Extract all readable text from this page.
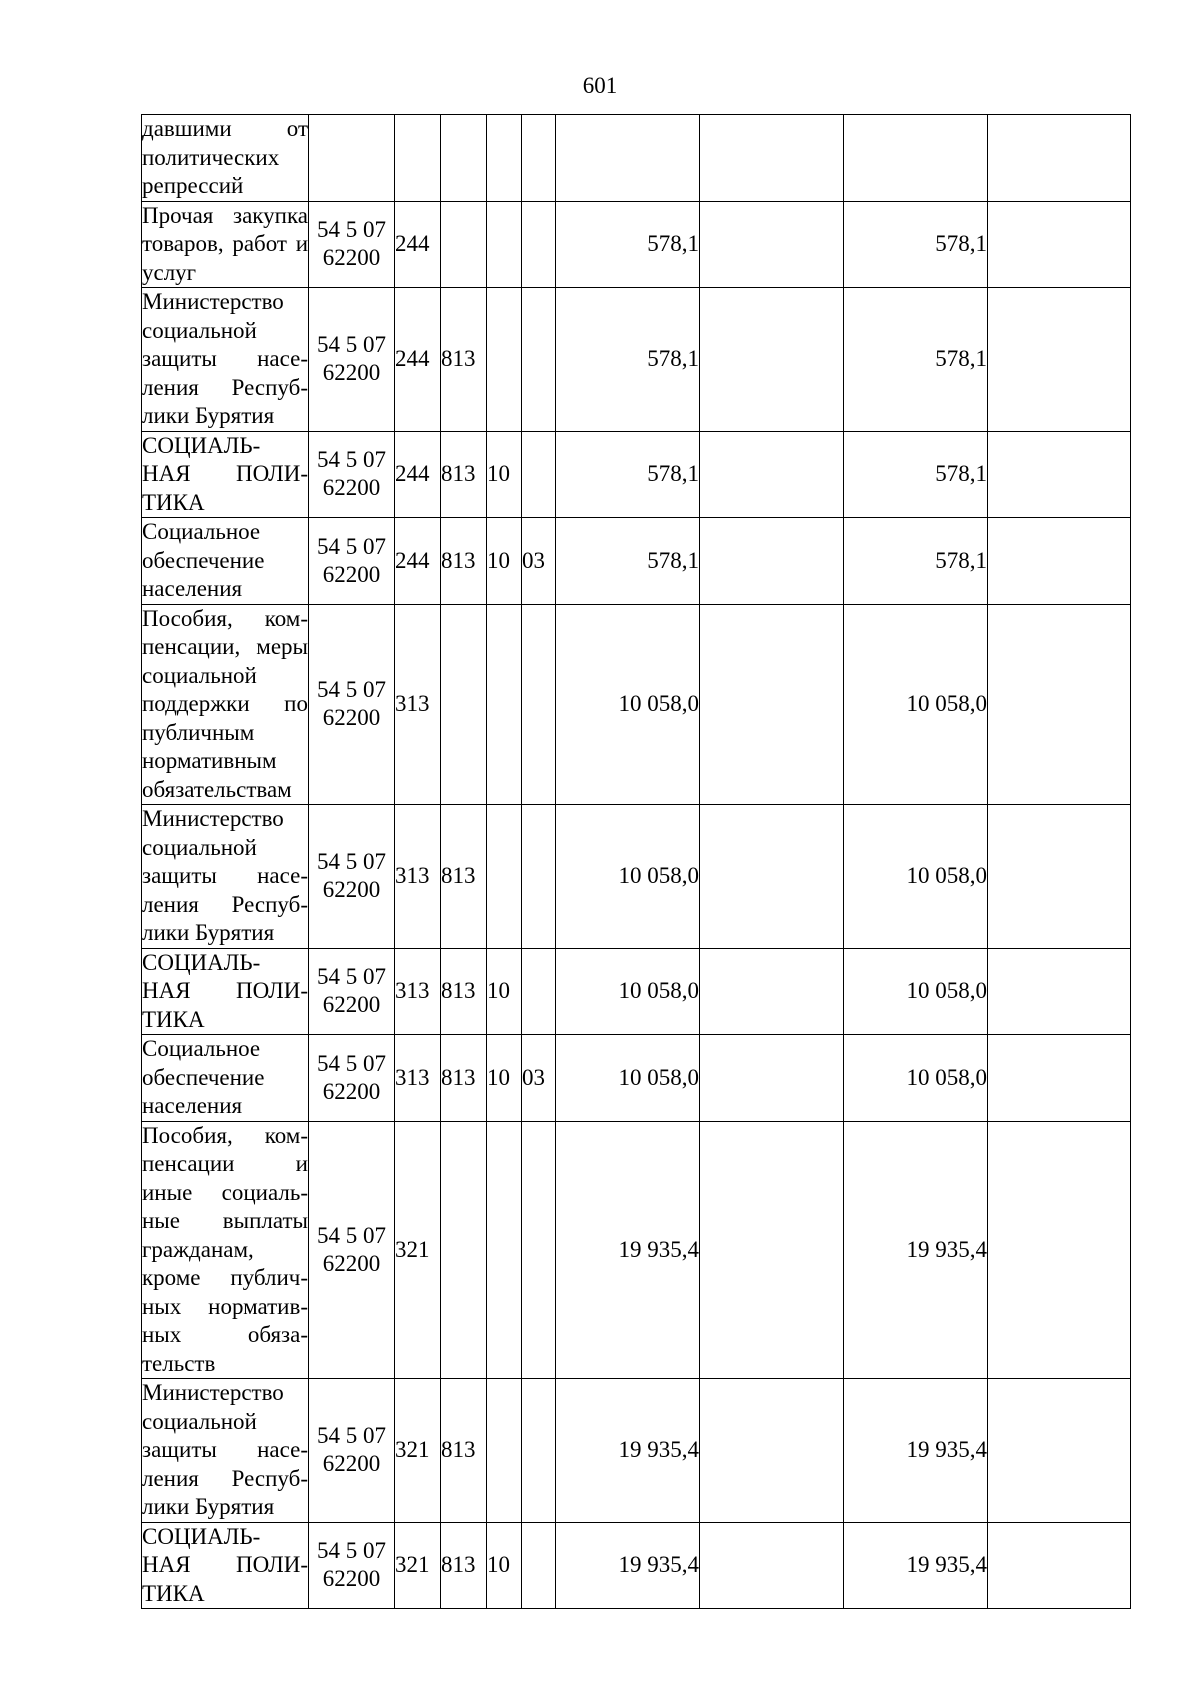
601
давшими от политических репрессий									

Прочая закупка товаров, работ и услуг	54 5 07 62200	244				578,1		578,1	

Министерство социальной защиты насе- ления Респуб- лики Бурятия	54 5 07 62200	244	813			578,1		578,1	

СОЦИАЛЬ- НАЯ ПОЛИ- ТИКА	54 5 07 62200	244	813	10		578,1		578,1	

Социальное обеспечение населения	54 5 07 62200	244	813	10	03	578,1		578,1	

Пособия, ком- пенсации, меры социальной поддержки по публичным нормативным обязательствам	54 5 07 62200	313				10 058,0		10 058,0	

Министерство социальной защиты насе- ления Респуб- лики Бурятия	54 5 07 62200	313	813			10 058,0		10 058,0	

СОЦИАЛЬ- НАЯ ПОЛИ- ТИКА	54 5 07 62200	313	813	10		10 058,0		10 058,0	

Социальное обеспечение населения	54 5 07 62200	313	813	10	03	10 058,0		10 058,0	

Пособия, ком- пенсации и иные социаль- ные выплаты гражданам, кроме публич- ных норматив- ных обяза- тельств	54 5 07 62200	321				19 935,4		19 935,4	

Министерство социальной защиты насе- ления Респуб- лики Бурятия	54 5 07 62200	321	813			19 935,4		19 935,4	

СОЦИАЛЬ- НАЯ ПОЛИ- ТИКА	54 5 07 62200	321	813	10		19 935,4		19 935,4	
